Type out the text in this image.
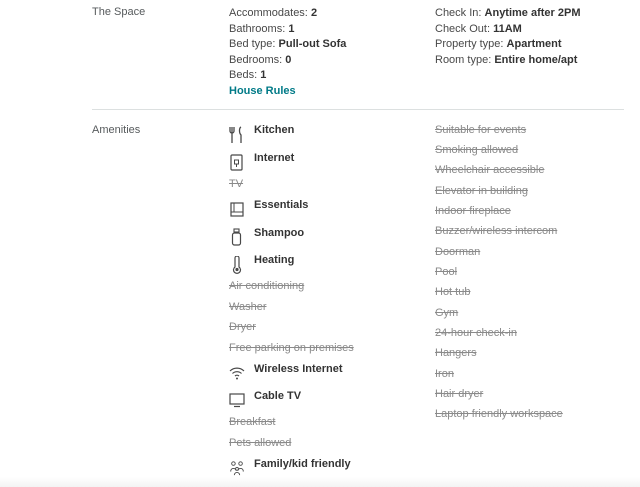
The Space	Accommodates: 2
Bathrooms: 1
Bed type: Pull-out Sofa
Bedrooms: 0
Beds: 1
House Rules
Check In: Anytime after 2PM
Check Out: 11AM
Property type: Apartment
Room type: Entire home/apt
Amenities	Kitchen
Internet
TV
Essentials
Shampoo
Heating
Air conditioning
Washer
Dryer
Free parking on premises
Wireless Internet
Cable TV
Breakfast
Pets allowed
Family/kid friendly
Suitable for events
Smoking allowed
Wheelchair accessible
Elevator in building
Indoor fireplace
Buzzer/wireless intercom
Doorman
Pool
Hot tub
Gym
24-hour check-in
Hangers
Iron
Hair dryer
Laptop friendly workspace
